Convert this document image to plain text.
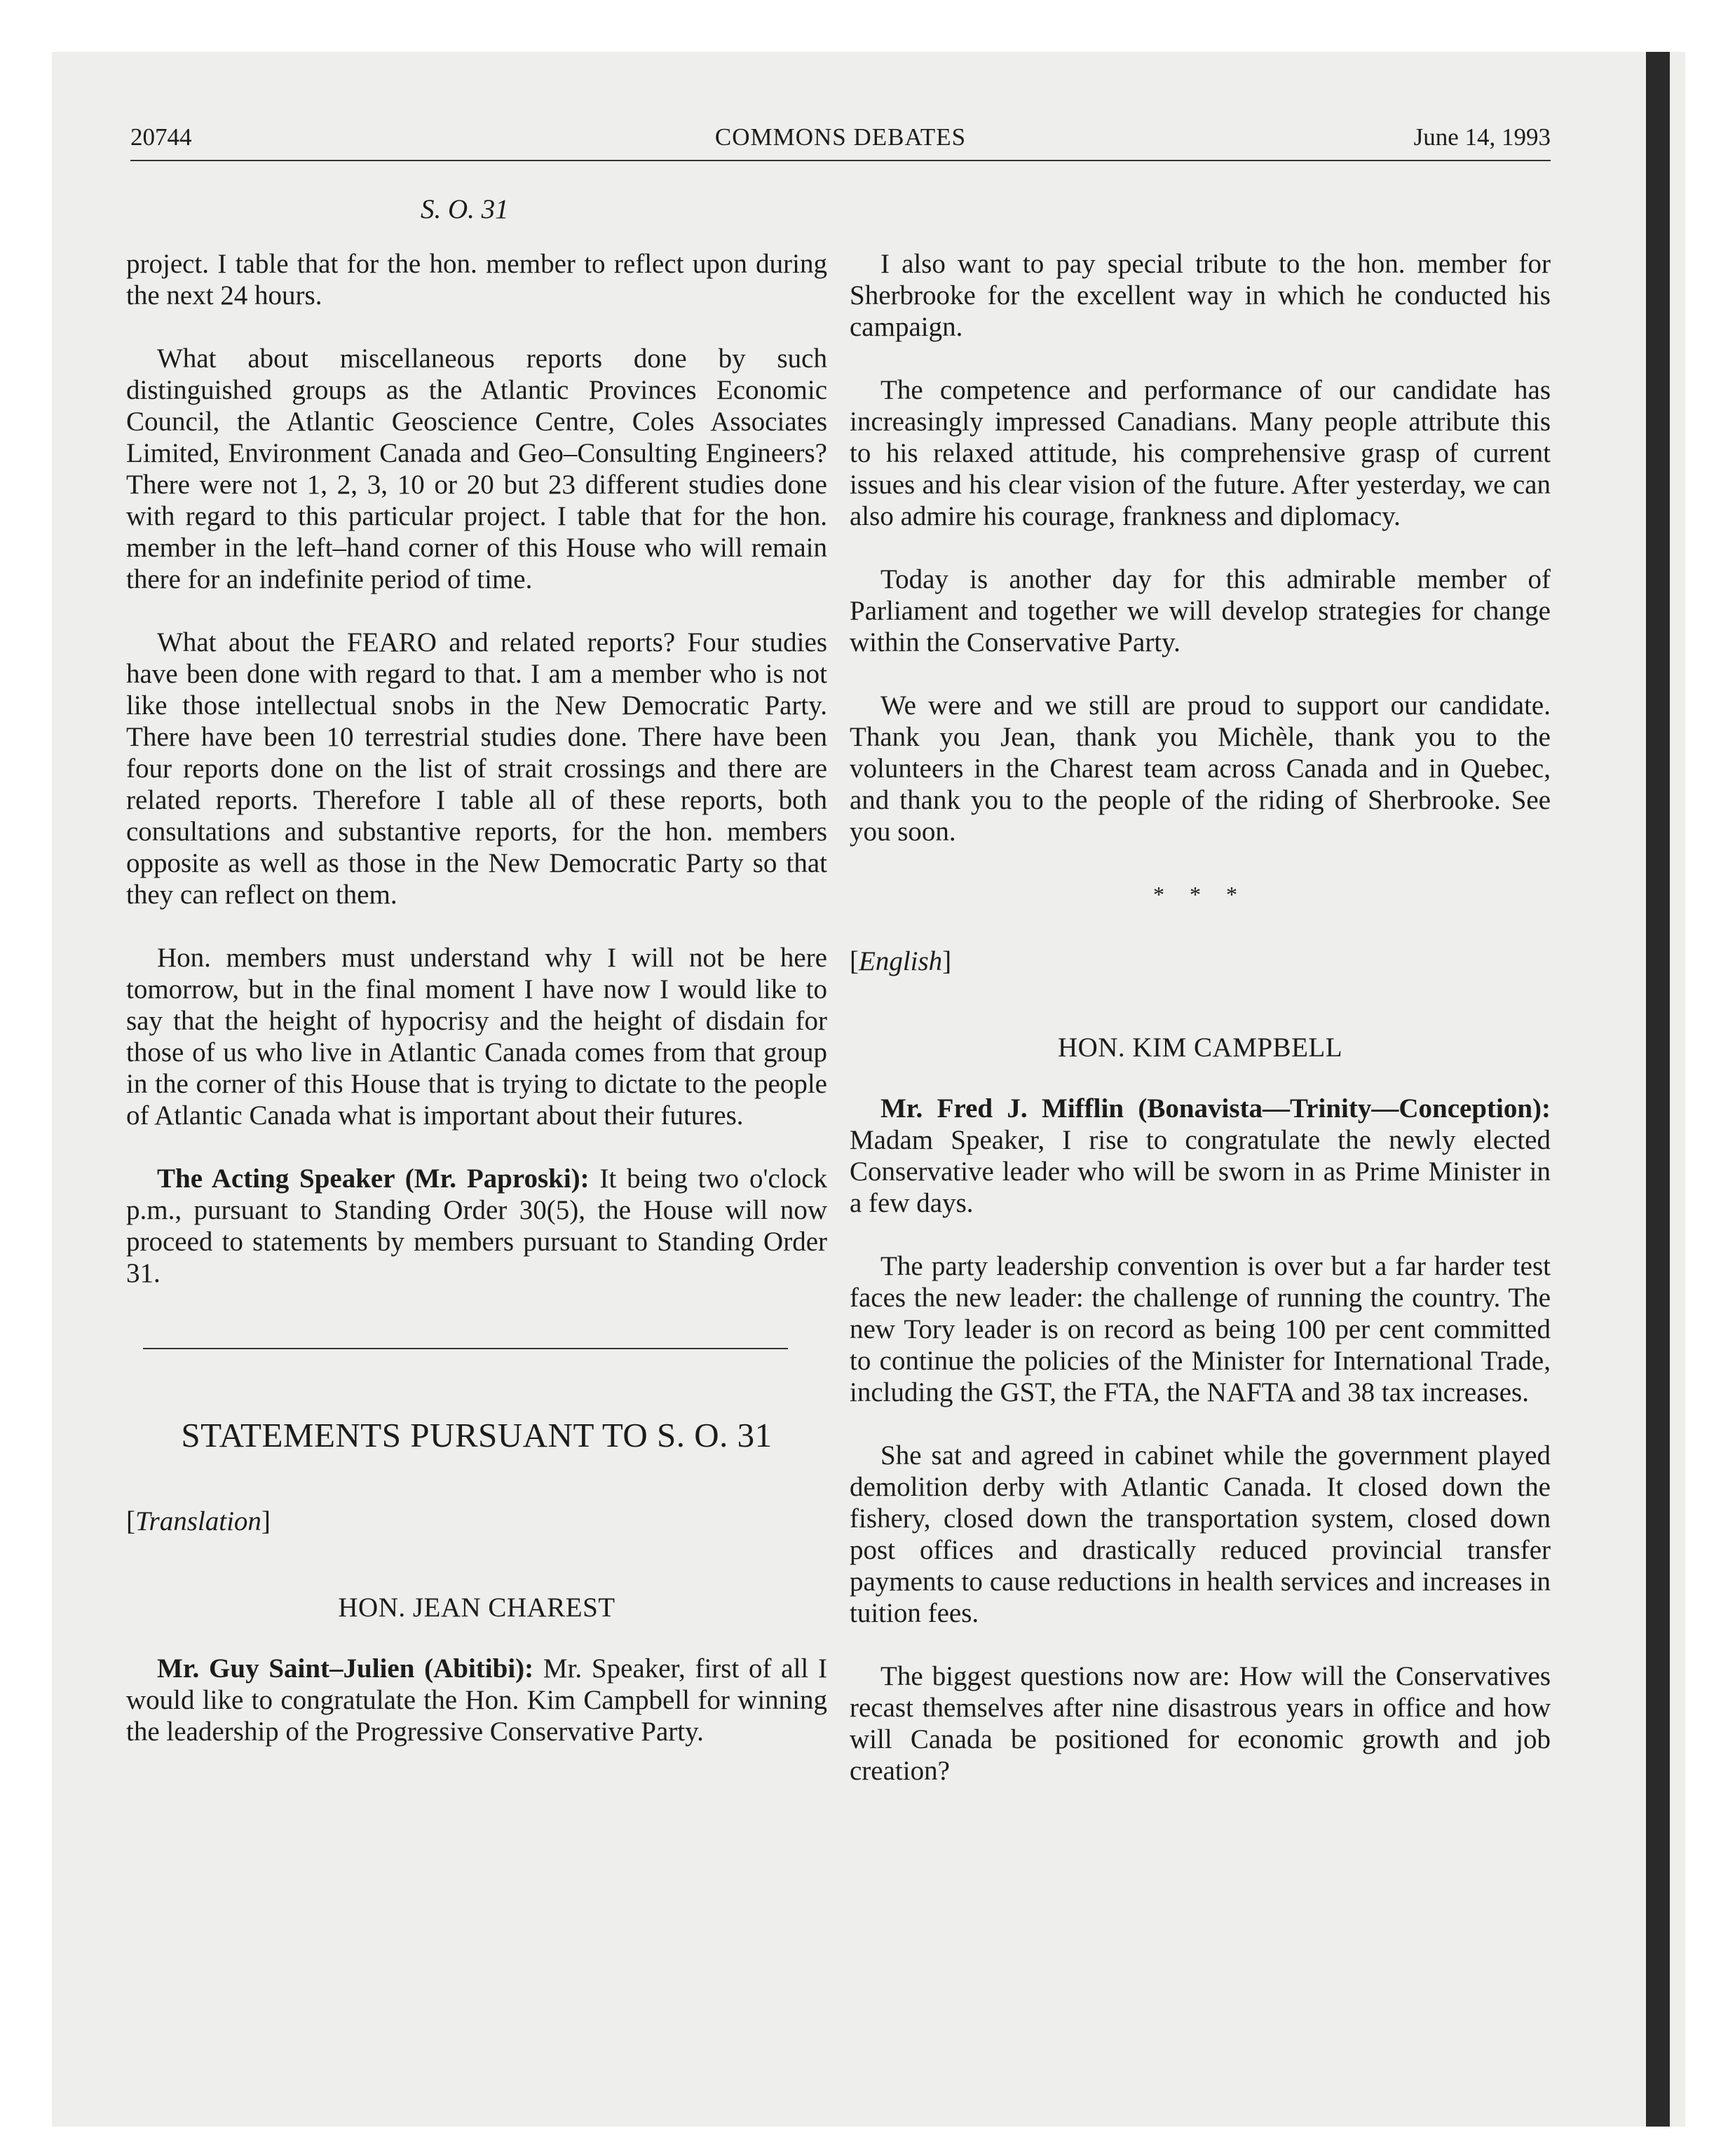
20744	COMMONS DEBATES	June 14, 1993
S. O. 31

project. I table that for the hon. member to reflect upon during the next 24 hours.

What about miscellaneous reports done by such distinguished groups as the Atlantic Provinces Economic Council, the Atlantic Geoscience Centre, Coles Associates Limited, Environment Canada and Geo–Consulting Engineers? There were not 1, 2, 3, 10 or 20 but 23 different studies done with regard to this particular project. I table that for the hon. member in the left–hand corner of this House who will remain there for an indefinite period of time.

What about the FEARO and related reports? Four studies have been done with regard to that. I am a member who is not like those intellectual snobs in the New Democratic Party. There have been 10 terrestrial studies done. There have been four reports done on the list of strait crossings and there are related reports. Therefore I table all of these reports, both consultations and substantive reports, for the hon. members opposite as well as those in the New Democratic Party so that they can reflect on them.

Hon. members must understand why I will not be here tomorrow, but in the final moment I have now I would like to say that the height of hypocrisy and the height of disdain for those of us who live in Atlantic Canada comes from that group in the corner of this House that is trying to dictate to the people of Atlantic Canada what is important about their futures.

The Acting Speaker (Mr. Paproski): It being two o'clock p.m., pursuant to Standing Order 30(5), the House will now proceed to statements by members pursuant to Standing Order 31.

STATEMENTS PURSUANT TO S. O. 31
[Translation]
HON. JEAN CHAREST

Mr. Guy Saint–Julien (Abitibi): Mr. Speaker, first of all I would like to congratulate the Hon. Kim Campbell for winning the leadership of the Progressive Conservative Party.

I also want to pay special tribute to the hon. member for Sherbrooke for the excellent way in which he conducted his campaign.

The competence and performance of our candidate has increasingly impressed Canadians. Many people attribute this to his relaxed attitude, his comprehensive grasp of current issues and his clear vision of the future. After yesterday, we can also admire his courage, frankness and diplomacy.

Today is another day for this admirable member of Parliament and together we will develop strategies for change within the Conservative Party.

We were and we still are proud to support our candidate. Thank you Jean, thank you Michèle, thank you to the volunteers in the Charest team across Canada and in Quebec, and thank you to the people of the riding of Sherbrooke. See you soon.

* * *
[English]
HON. KIM CAMPBELL

Mr. Fred J. Mifflin (Bonavista—Trinity—Conception): Madam Speaker, I rise to congratulate the newly elected Conservative leader who will be sworn in as Prime Minister in a few days.

The party leadership convention is over but a far harder test faces the new leader: the challenge of running the country. The new Tory leader is on record as being 100 per cent committed to continue the policies of the Minister for International Trade, including the GST, the FTA, the NAFTA and 38 tax increases.

She sat and agreed in cabinet while the government played demolition derby with Atlantic Canada. It closed down the fishery, closed down the transportation system, closed down post offices and drastically reduced provincial transfer payments to cause reductions in health services and increases in tuition fees.

The biggest questions now are: How will the Conservatives recast themselves after nine disastrous years in office and how will Canada be positioned for economic growth and job creation?
